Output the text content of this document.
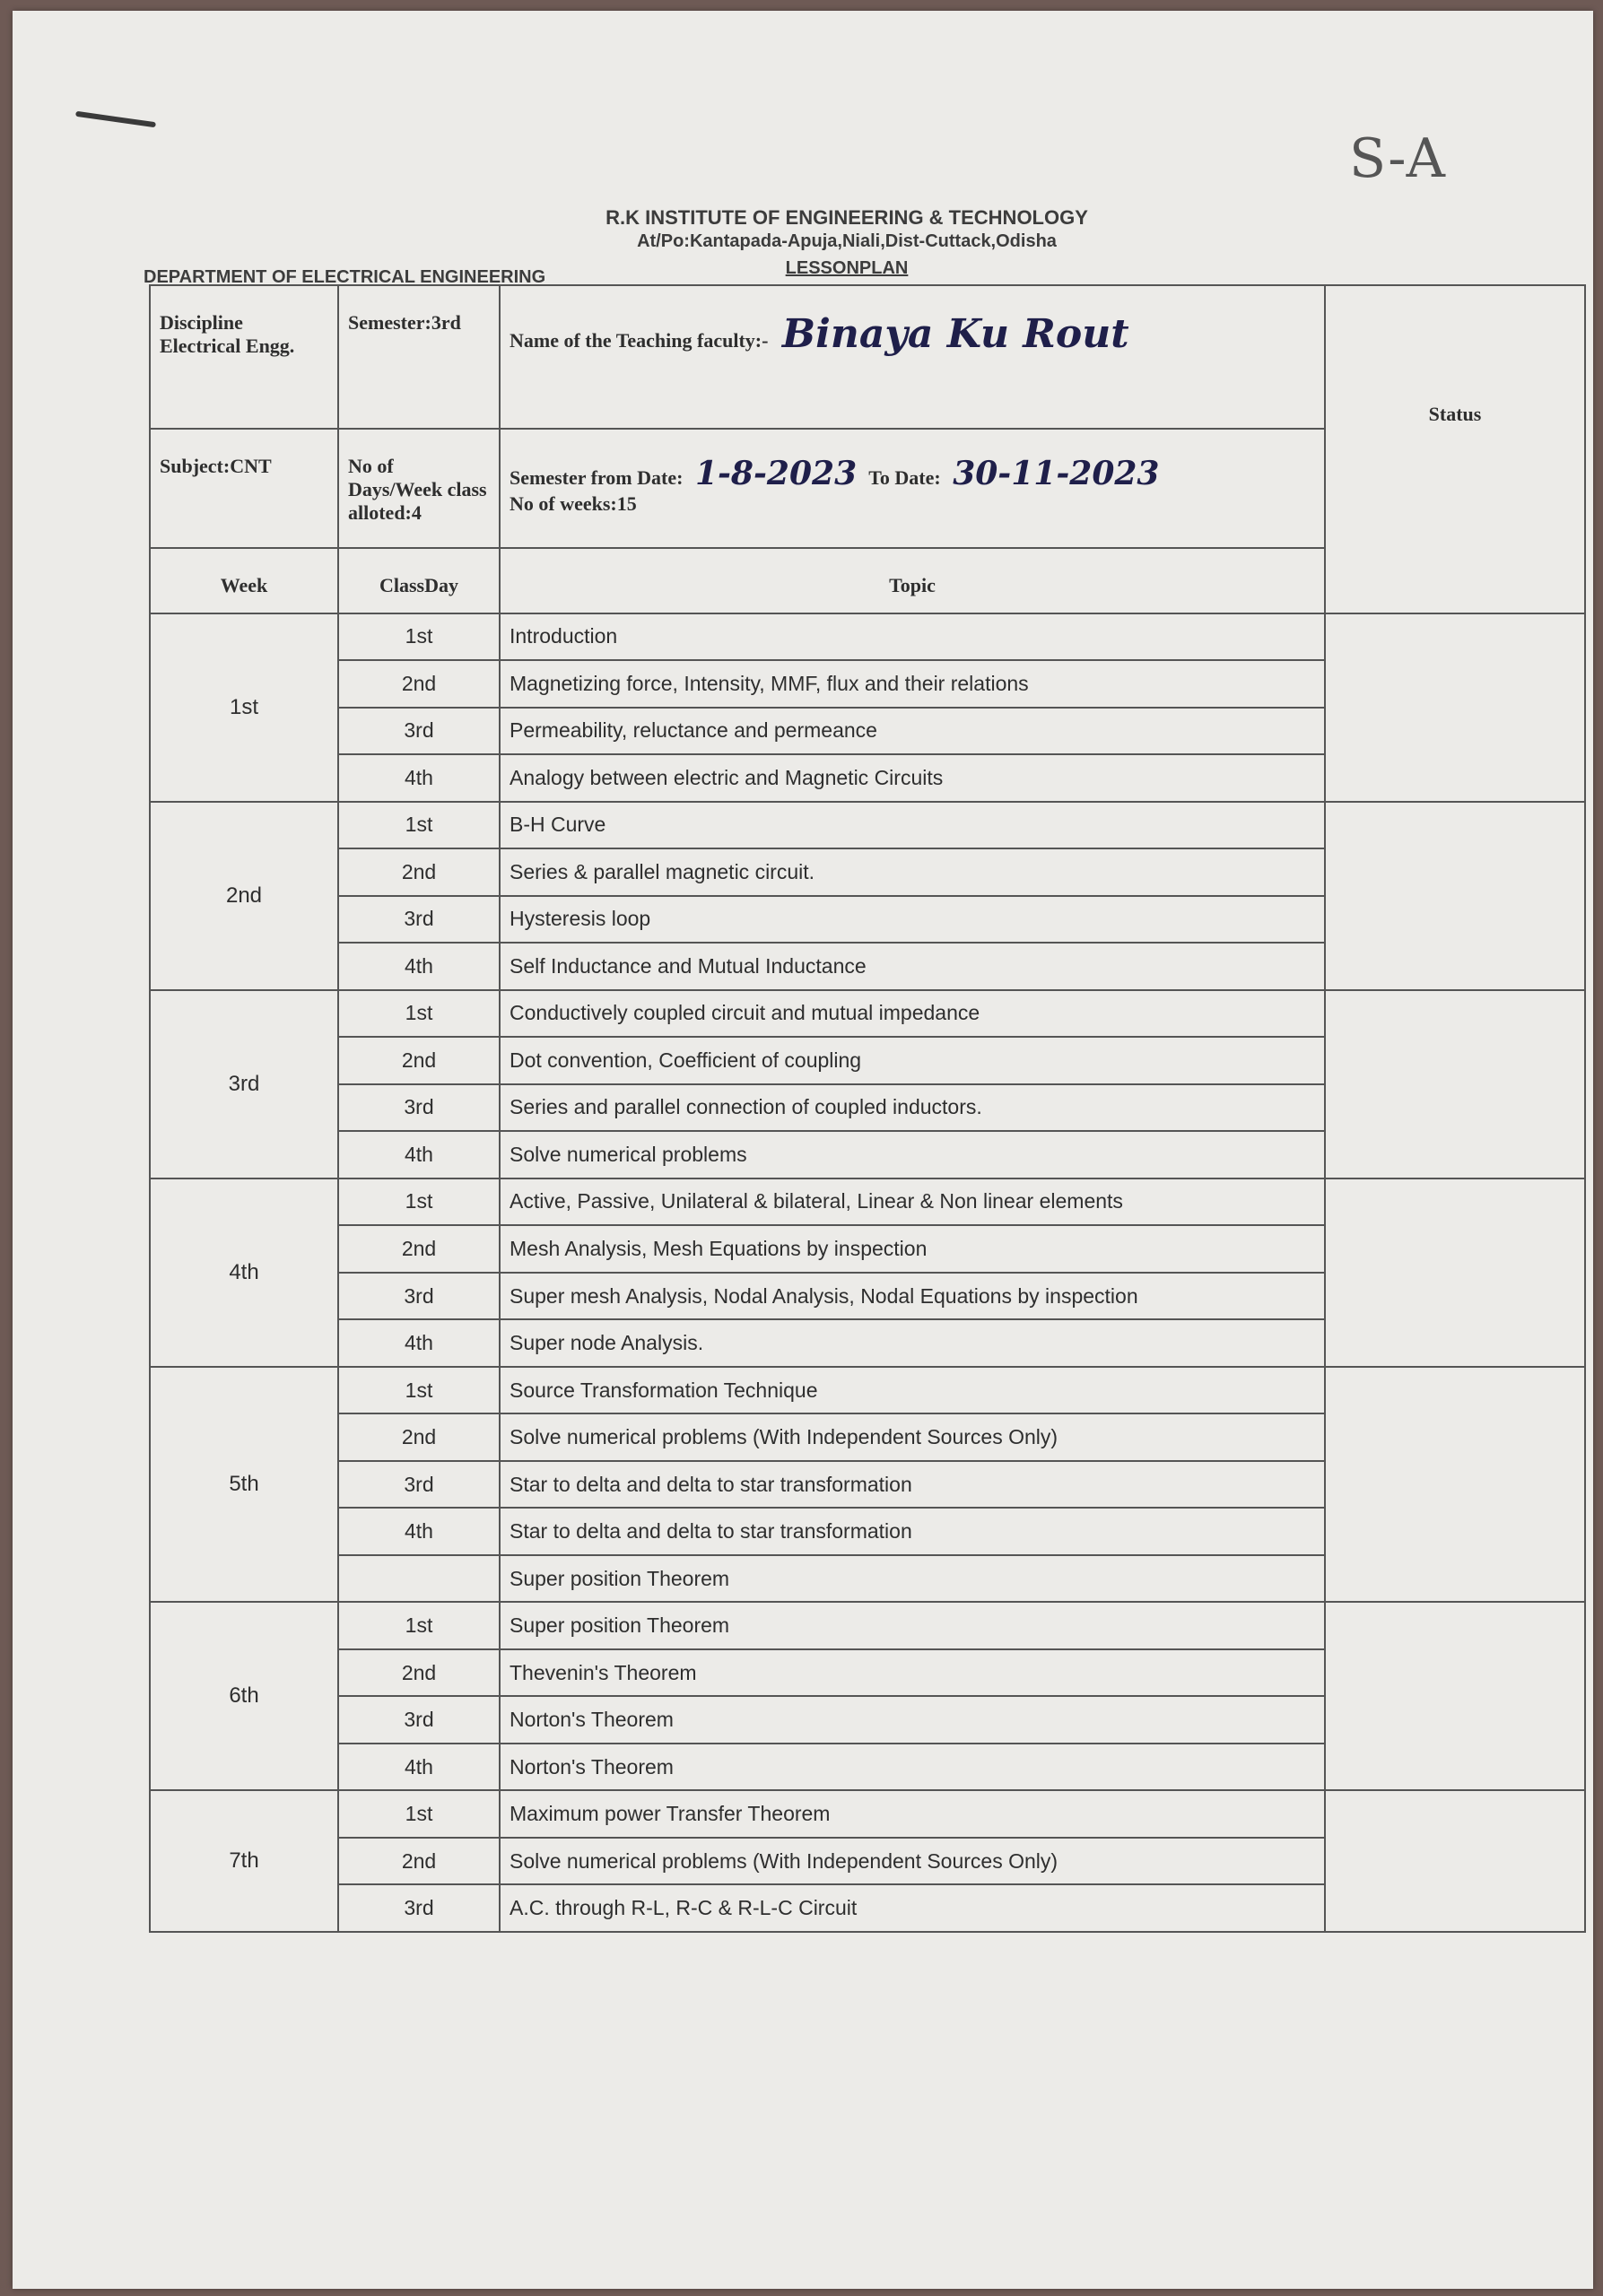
S-A
R.K INSTITUTE OF ENGINEERING & TECHNOLOGY
At/Po:Kantapada-Apuja,Niali,Dist-Cuttack,Odisha
LESSONPLAN
DEPARTMENT OF ELECTRICAL ENGINEERING
Discipline Electrical Engg.	Semester:3rd	Name of the Teaching faculty:- Binaya Ku Rout	Status
Subject:CNT	No of Days/Week class alloted:4	Semester from Date: 1-8-2023 To Date: 30-11-2023
No of weeks:15	
Week	ClassDay	Topic	
1st	1st	Introduction	
	2nd	Magnetizing force, Intensity, MMF, flux and their relations	
	3rd	Permeability, reluctance and permeance	
	4th	Analogy between electric and Magnetic Circuits	
2nd	1st	B-H Curve	
	2nd	Series & parallel magnetic circuit.	
	3rd	Hysteresis loop	
	4th	Self Inductance and Mutual Inductance	
3rd	1st	Conductively coupled circuit and mutual impedance	
	2nd	Dot convention, Coefficient of coupling	
	3rd	Series and parallel connection of coupled inductors.	
	4th	Solve numerical problems	
4th	1st	Active, Passive, Unilateral & bilateral, Linear & Non linear elements	
	2nd	Mesh Analysis, Mesh Equations by inspection	
	3rd	Super mesh Analysis, Nodal Analysis, Nodal Equations by inspection	
	4th	Super node Analysis.	
5th	1st	Source Transformation Technique	
	2nd	Solve numerical problems (With Independent Sources Only)	
	3rd	Star to delta and delta to star transformation	
	4th	Star to delta and delta to star transformation	
		Super position Theorem	
6th	1st	Super position Theorem	
	2nd	Thevenin's Theorem	
	3rd	Norton's Theorem	
	4th	Norton's Theorem	
7th	1st	Maximum power Transfer Theorem	
	2nd	Solve numerical problems (With Independent Sources Only)	
	3rd	A.C. through R-L, R-C & R-L-C Circuit	
